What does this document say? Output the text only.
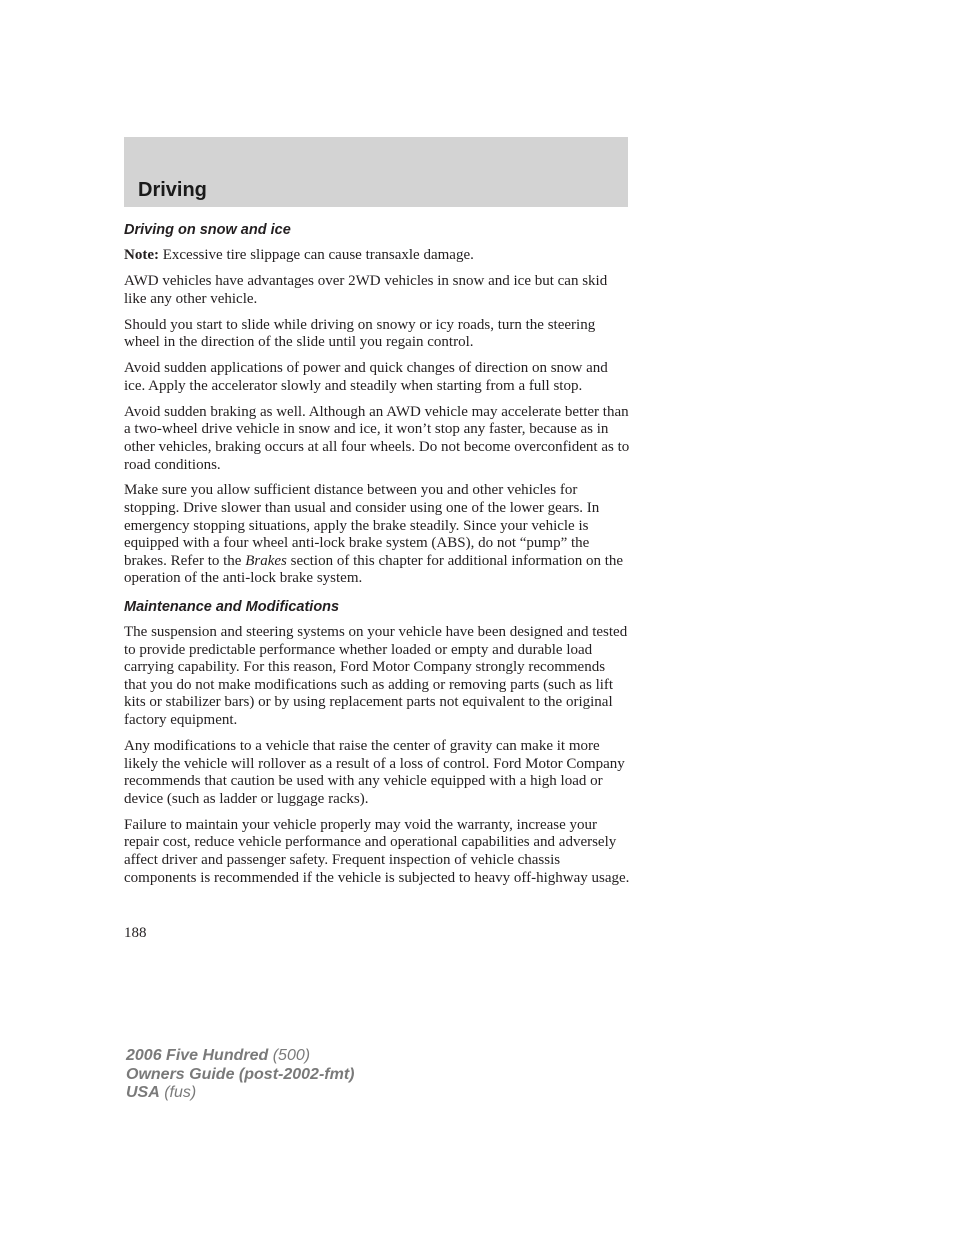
Driving
Driving on snow and ice

Note: Excessive tire slippage can cause transaxle damage.

AWD vehicles have advantages over 2WD vehicles in snow and ice but can skid like any other vehicle.

Should you start to slide while driving on snowy or icy roads, turn the steering wheel in the direction of the slide until you regain control.

Avoid sudden applications of power and quick changes of direction on snow and ice. Apply the accelerator slowly and steadily when starting from a full stop.

Avoid sudden braking as well. Although an AWD vehicle may accelerate better than a two-wheel drive vehicle in snow and ice, it won’t stop any faster, because as in other vehicles, braking occurs at all four wheels. Do not become overconfident as to road conditions.

Make sure you allow sufficient distance between you and other vehicles for stopping. Drive slower than usual and consider using one of the lower gears. In emergency stopping situations, apply the brake steadily. Since your vehicle is equipped with a four wheel anti-lock brake system (ABS), do not “pump” the brakes. Refer to the Brakes section of this chapter for additional information on the operation of the anti-lock brake system.

Maintenance and Modifications

The suspension and steering systems on your vehicle have been designed and tested to provide predictable performance whether loaded or empty and durable load carrying capability. For this reason, Ford Motor Company strongly recommends that you do not make modifications such as adding or removing parts (such as lift kits or stabilizer bars) or by using replacement parts not equivalent to the original factory equipment.

Any modifications to a vehicle that raise the center of gravity can make it more likely the vehicle will rollover as a result of a loss of control. Ford Motor Company recommends that caution be used with any vehicle equipped with a high load or device (such as ladder or luggage racks).

Failure to maintain your vehicle properly may void the warranty, increase your repair cost, reduce vehicle performance and operational capabilities and adversely affect driver and passenger safety. Frequent inspection of vehicle chassis components is recommended if the vehicle is subjected to heavy off-highway usage.

188
2006 Five Hundred (500)
Owners Guide (post-2002-fmt)
USA (fus)
